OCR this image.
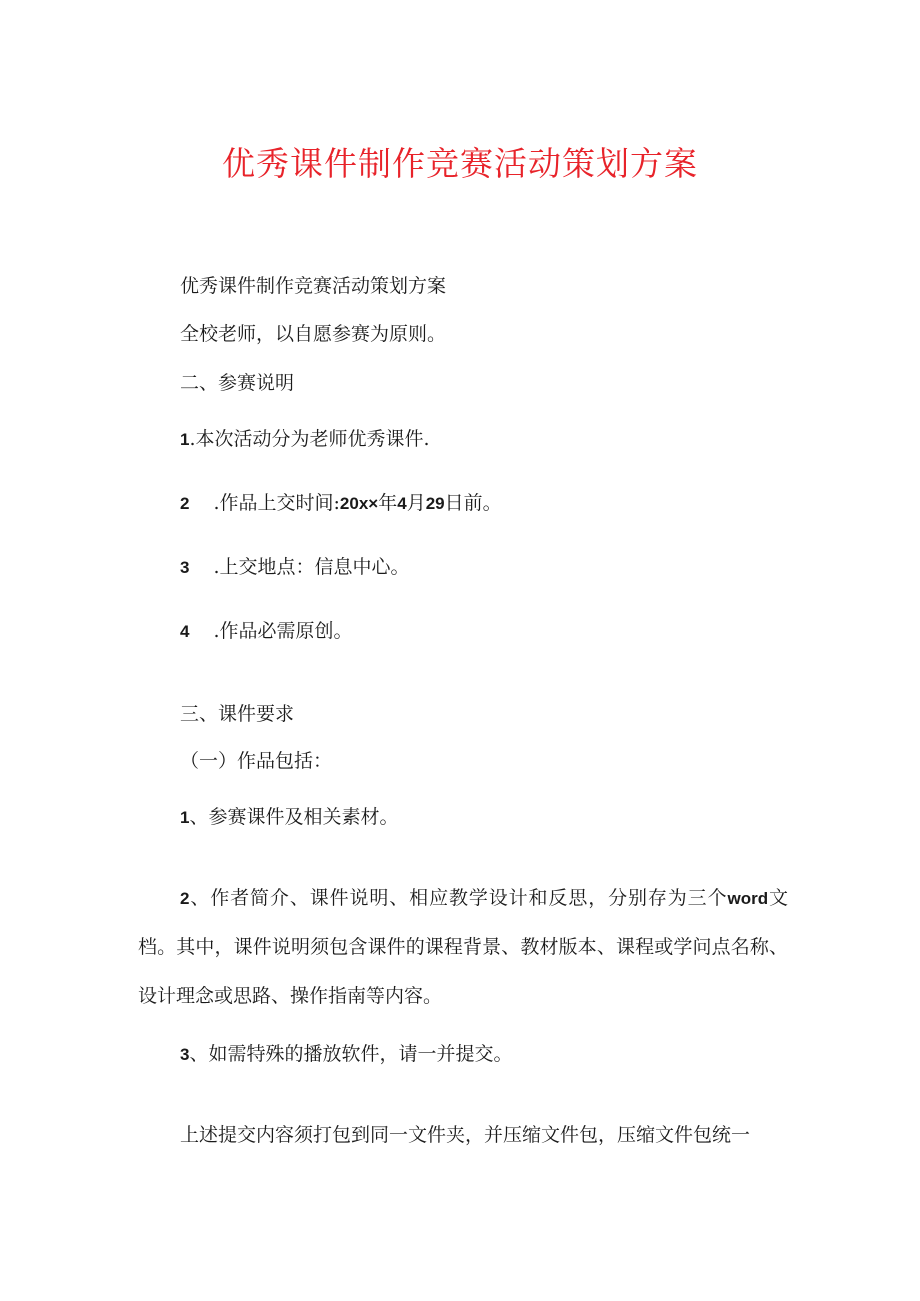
优秀课件制作竞赛活动策划方案
优秀课件制作竞赛活动策划方案
全校老师，以自愿参赛为原则。
二、参赛说明
1.本次活动分为老师优秀课件.
2 .作品上交时间:20x×年4月29日前。
3 .上交地点：信息中心。
4 .作品必需原创。
三、课件要求
（一）作品包括：
1、参赛课件及相关素材。
2、作者简介、课件说明、相应教学设计和反思，分别存为三个word文档。其中，课件说明须包含课件的课程背景、教材版本、课程或学问点名称、设计理念或思路、操作指南等内容。
3、如需特殊的播放软件，请一并提交。
上述提交内容须打包到同一文件夹，并压缩文件包，压缩文件包统一
